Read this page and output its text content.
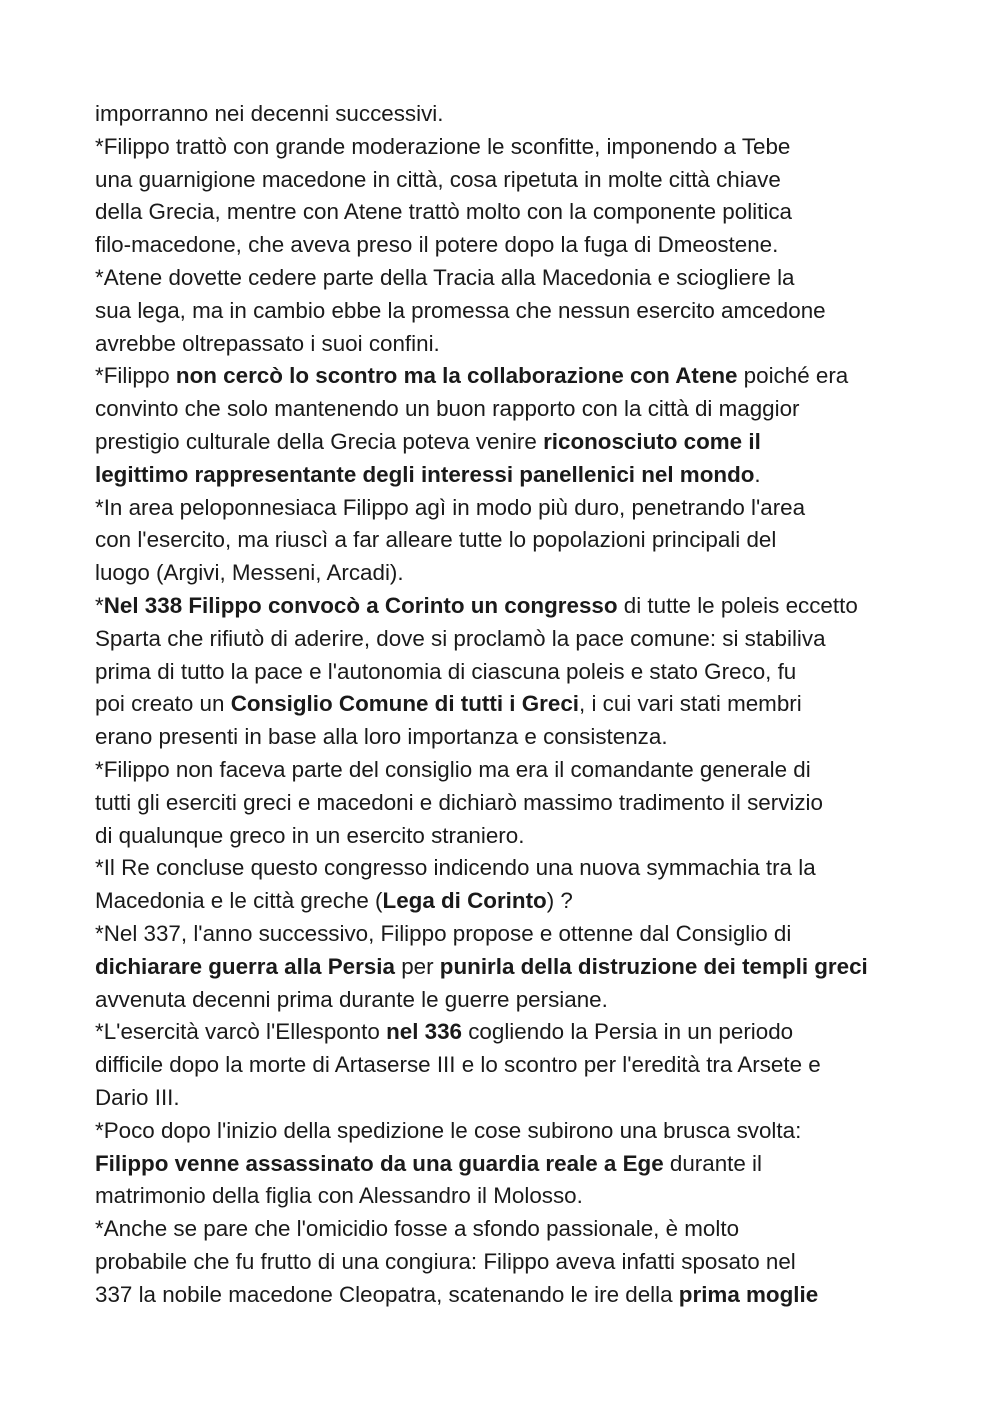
imporranno nei decenni successivi.
*Filippo trattò con grande moderazione le sconfitte, imponendo a Tebe
una guarnigione macedone in città, cosa ripetuta in molte città chiave
della Grecia, mentre con Atene trattò molto con la componente politica
filo-macedone, che aveva preso il potere dopo la fuga di Dmeostene.
*Atene dovette cedere parte della Tracia alla Macedonia e sciogliere la
sua lega, ma in cambio ebbe la promessa che nessun esercito amcedone
avrebbe oltrepassato i suoi confini.
*Filippo non cercò lo scontro ma la collaborazione con Atene poiché era
convinto che solo mantenendo un buon rapporto con la città di maggior
prestigio culturale della Grecia poteva venire riconosciuto come il
legittimo rappresentante degli interessi panellenici nel mondo.
*In area peloponnesiaca Filippo agì in modo più duro, penetrando l'area
con l'esercito, ma riuscì a far alleare tutte lo popolazioni principali del
luogo (Argivi, Messeni, Arcadi).
*Nel 338 Filippo convocò a Corinto un congresso di tutte le poleis eccetto
Sparta che rifiutò di aderire, dove si proclamò la pace comune: si stabiliva
prima di tutto la pace e l'autonomia di ciascuna poleis e stato Greco, fu
poi creato un Consiglio Comune di tutti i Greci, i cui vari stati membri
erano presenti in base alla loro importanza e consistenza.
*Filippo non faceva parte del consiglio ma era il comandante generale di
tutti gli eserciti greci e macedoni e dichiarò massimo tradimento il servizio
di qualunque greco in un esercito straniero.
*Il Re concluse questo congresso indicendo una nuova symmachia tra la
Macedonia e le città greche (Lega di Corinto) ?
*Nel 337, l'anno successivo, Filippo propose e ottenne dal Consiglio di
dichiarare guerra alla Persia per punirla della distruzione dei templi greci
avvenuta decenni prima durante le guerre persiane.
*L'esercità varcò l'Ellesponto nel 336 cogliendo la Persia in un periodo
difficile dopo la morte di Artaserse III e lo scontro per l'eredità tra Arsete e
Dario III.
*Poco dopo l'inizio della spedizione le cose subirono una brusca svolta:
Filippo venne assassinato da una guardia reale a Ege durante il
matrimonio della figlia con Alessandro il Molosso.
*Anche se pare che l'omicidio fosse a sfondo passionale, è molto
probabile che fu frutto di una congiura: Filippo aveva infatti sposato nel
337 la nobile macedone Cleopatra, scatenando le ire della prima moglie
